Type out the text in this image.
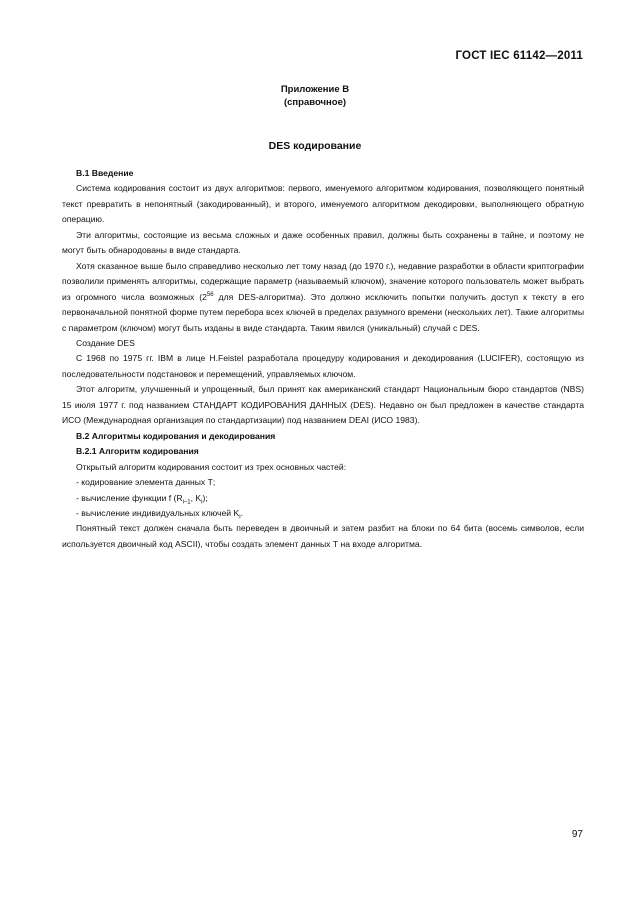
ГОСТ IEC 61142—2011
Приложение В
(справочное)
DES кодирование

В.1 Введение

Система кодирования состоит из двух алгоритмов: первого, именуемого алгоритмом кодирования, позволяющего понятный текст превратить в непонятный (закодированный), и второго, именуемого алгоритмом декодировки, выполняющего обратную операцию.

Эти алгоритмы, состоящие из весьма сложных и даже особенных правил, должны быть сохранены в тайне, и поэтому не могут быть обнародованы в виде стандарта.

Хотя сказанное выше было справедливо несколько лет тому назад (до 1970 г.), недавние разработки в области криптографии позволили применять алгоритмы, содержащие параметр (называемый ключом), значение которого пользователь может выбрать из огромного числа возможных ($2^{56}$ для DES-алгоритма). Это должно исключить попытки получить доступ к тексту в его первоначальной понятной форме путем перебора всех ключей в пределах разумного времени (нескольких лет). Такие алгоритмы с параметром (ключом) могут быть изданы в виде стандарта. Таким явился (уникальный) случай с DES.

Создание DES

С 1968 по 1975 гг. IBM в лице H.Feistel разработала процедуру кодирования и декодирования (LUCIFER), состоящую из последовательности подстановок и перемещений, управляемых ключом.

Этот алгоритм, улучшенный и упрощенный, был принят как американский стандарт Национальным бюро стандартов (NBS) 15 июля 1977 г. под названием СТАНДАРТ КОДИРОВАНИЯ ДАННЫХ (DES). Недавно он был предложен в качестве стандарта ИСО (Международная организация по стандартизации) под названием DEAI (ИСО 1983).

В.2 Алгоритмы кодирования и декодирования

В.2.1 Алгоритм кодирования

Открытый алгоритм кодирования состоит из трех основных частей:

- кодирование элемента данных Т;

- вычисление функции f ($R_{i-1}$, $K_i$);

- вычисление индивидуальных ключей $K_i$.

Понятный текст должен сначала быть переведен в двоичный и затем разбит на блоки по 64 бита (восемь символов, если используется двоичный код ASCII), чтобы создать элемент данных Т на входе алгоритма.

97
